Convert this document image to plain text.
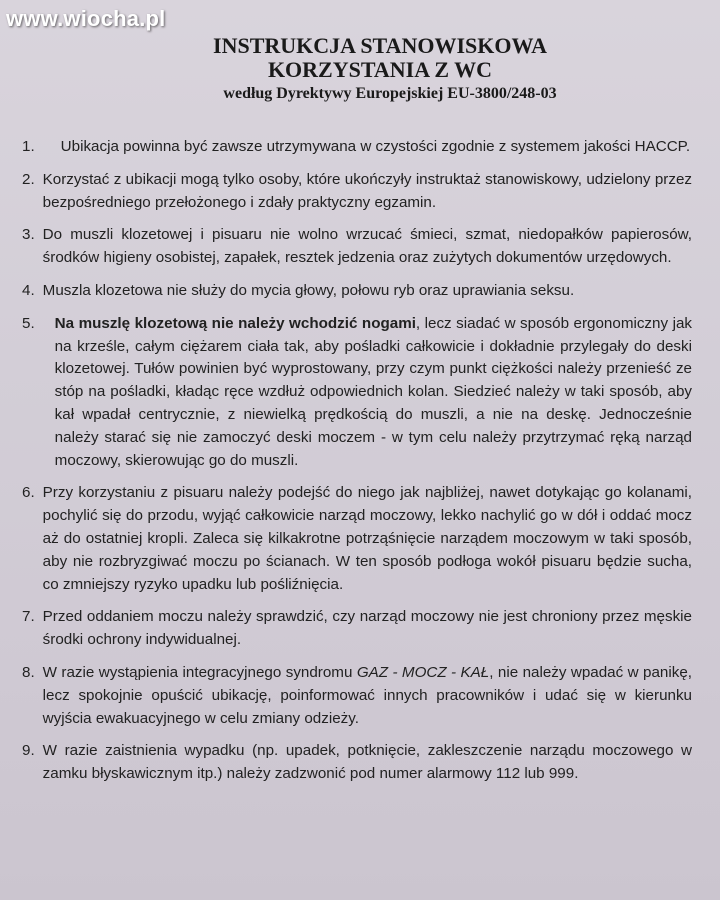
www.wiocha.pl
INSTRUKCJA STANOWISKOWA
KORZYSTANIA Z WC
według Dyrektywy Europejskiej EU-3800/248-03
1.	Ubikacja powinna być zawsze utrzymywana w czystości zgodnie z systemem jakości HACCP.
2. Korzystać z ubikacji mogą tylko osoby, które ukończyły instruktaż stanowiskowy, udzielony przez bezpośredniego przełożonego i zdały praktyczny egzamin.
3. Do muszli klozetowej i pisuaru nie wolno wrzucać śmieci, szmat, niedopałków papierosów, środków higieny osobistej, zapałek, resztek jedzenia oraz zużytych dokumentów urzędowych.
4. Muszla klozetowa nie służy do mycia głowy, połowu ryb oraz uprawiania seksu.
5.	Na muszlę klozetową nie należy wchodzić nogami, lecz siadać w sposób ergonomiczny jak na krześle, całym ciężarem ciała tak, aby pośladki całkowicie i dokładnie przylegały do deski klozetowej. Tułów powinien być wyprostowany, przy czym punkt ciężkości należy przenieść ze stóp na pośladki, kładąc ręce wzdłuż odpowiednich kolan. Siedzieć należy w taki sposób, aby kał wpadał centrycznie, z niewielką prędkością do muszli, a nie na deskę. Jednocześnie należy starać się nie zamoczyć deski moczem - w tym celu należy przytrzymać ręką narząd moczowy, skierowując go do muszli.
6. Przy korzystaniu z pisuaru należy podejść do niego jak najbliżej, nawet dotykając go kolanami, pochylić się do przodu, wyjąć całkowicie narząd moczowy, lekko nachylić go w dół i oddać mocz aż do ostatniej kropli. Zaleca się kilkakrotne potrząśnięcie narządem moczowym w taki sposób, aby nie rozbryzgiwać moczu po ścianach. W ten sposób podłoga wokół pisuaru będzie sucha, co zmniejszy ryzyko upadku lub pośliźnięcia.
7. Przed oddaniem moczu należy sprawdzić, czy narząd moczowy nie jest chroniony przez męskie środki ochrony indywidualnej.
8. W razie wystąpienia integracyjnego syndromu GAZ - MOCZ - KAŁ, nie należy wpadać w panikę, lecz spokojnie opuścić ubikację, poinformować innych pracowników i udać się w kierunku wyjścia ewakuacyjnego w celu zmiany odzieży.
9. W razie zaistnienia wypadku (np. upadek, potknięcie, zakleszczenie narządu moczowego w zamku błyskawicznym itp.) należy zadzwonić pod numer alarmowy 112 lub 999.
